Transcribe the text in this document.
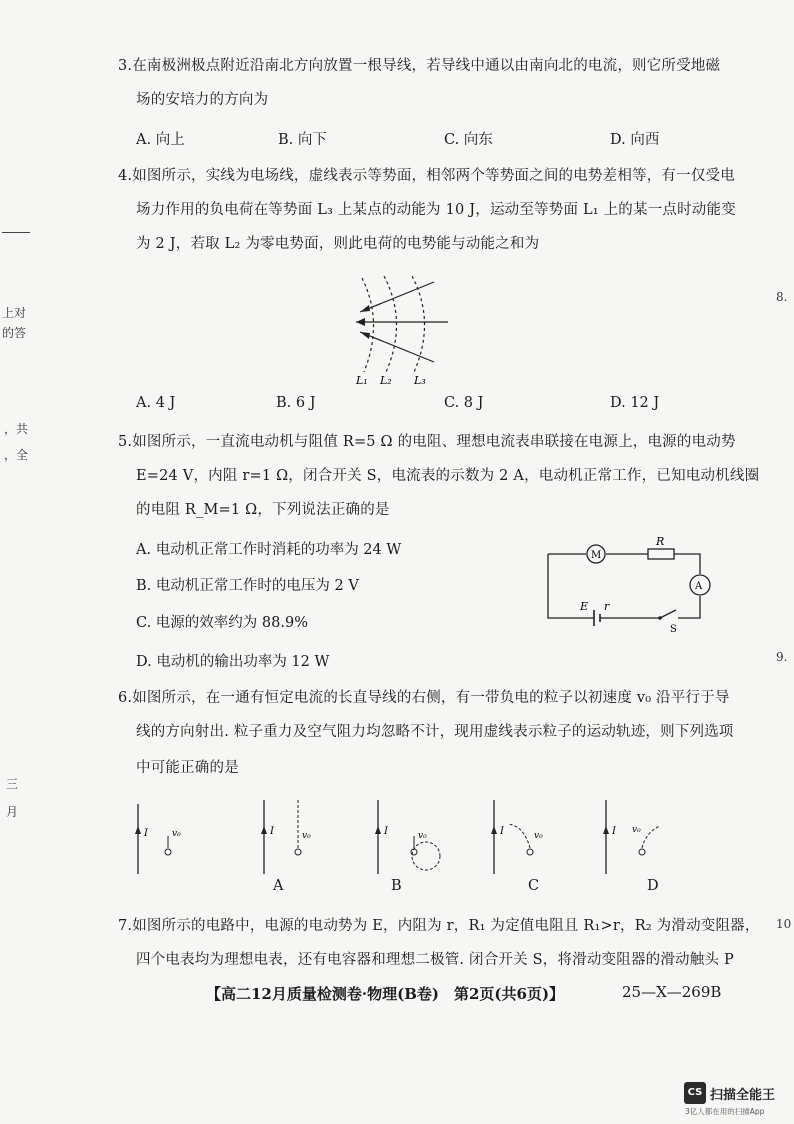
上对
的答
，共
，全
三
月
8.
9.
10
3.在南极洲极点附近沿南北方向放置一根导线，若导线中通以由南向北的电流，则它所受地磁
场的安培力的方向为
A. 向上	B. 向下	C. 向东	D. 向西
4.如图所示，实线为电场线，虚线表示等势面，相邻两个等势面之间的电势差相等，有一仅受电
场力作用的负电荷在等势面 L₃ 上某点的动能为 10 J，运动至等势面 L₁ 上的某一点时动能变
为 2 J，若取 L₂ 为零电势面，则此电荷的电势能与动能之和为
L₁ L₂ L₃
A. 4 J	B. 6 J	C. 8 J	D. 12 J
5.如图所示，一直流电动机与阻值 R=5 Ω 的电阻、理想电流表串联接在电源上，电源的电动势
E=24 V，内阻 r=1 Ω，闭合开关 S，电流表的示数为 2 A，电动机正常工作，已知电动机线圈
的电阻 R_M=1 Ω，下列说法正确的是
A. 电动机正常工作时消耗的功率为 24 W
B. 电动机正常工作时的电压为 2 V
C. 电源的效率约为 88.9%
D. 电动机的输出功率为 12 W
M
R
A
E r
S
6.如图所示，在一通有恒定电流的长直导线的右侧，有一带负电的粒子以初速度 v₀ 沿平行于导
线的方向射出. 粒子重力及空气阻力均忽略不计，现用虚线表示粒子的运动轨迹，则下列选项
中可能正确的是
I	v₀	I	v₀	I	v₀	I	v₀	I v₀
A	B	C	D
7.如图所示的电路中，电源的电动势为 E，内阻为 r，R₁ 为定值电阻且 R₁>r，R₂ 为滑动变阻器，
四个电表均为理想电表，还有电容器和理想二极管. 闭合开关 S，将滑动变阻器的滑动触头 P
【高二12月质量检测卷·物理(B卷)　第2页(共6页)】	25—X—269B
CS 扫描全能王
3亿人都在用的扫描App
